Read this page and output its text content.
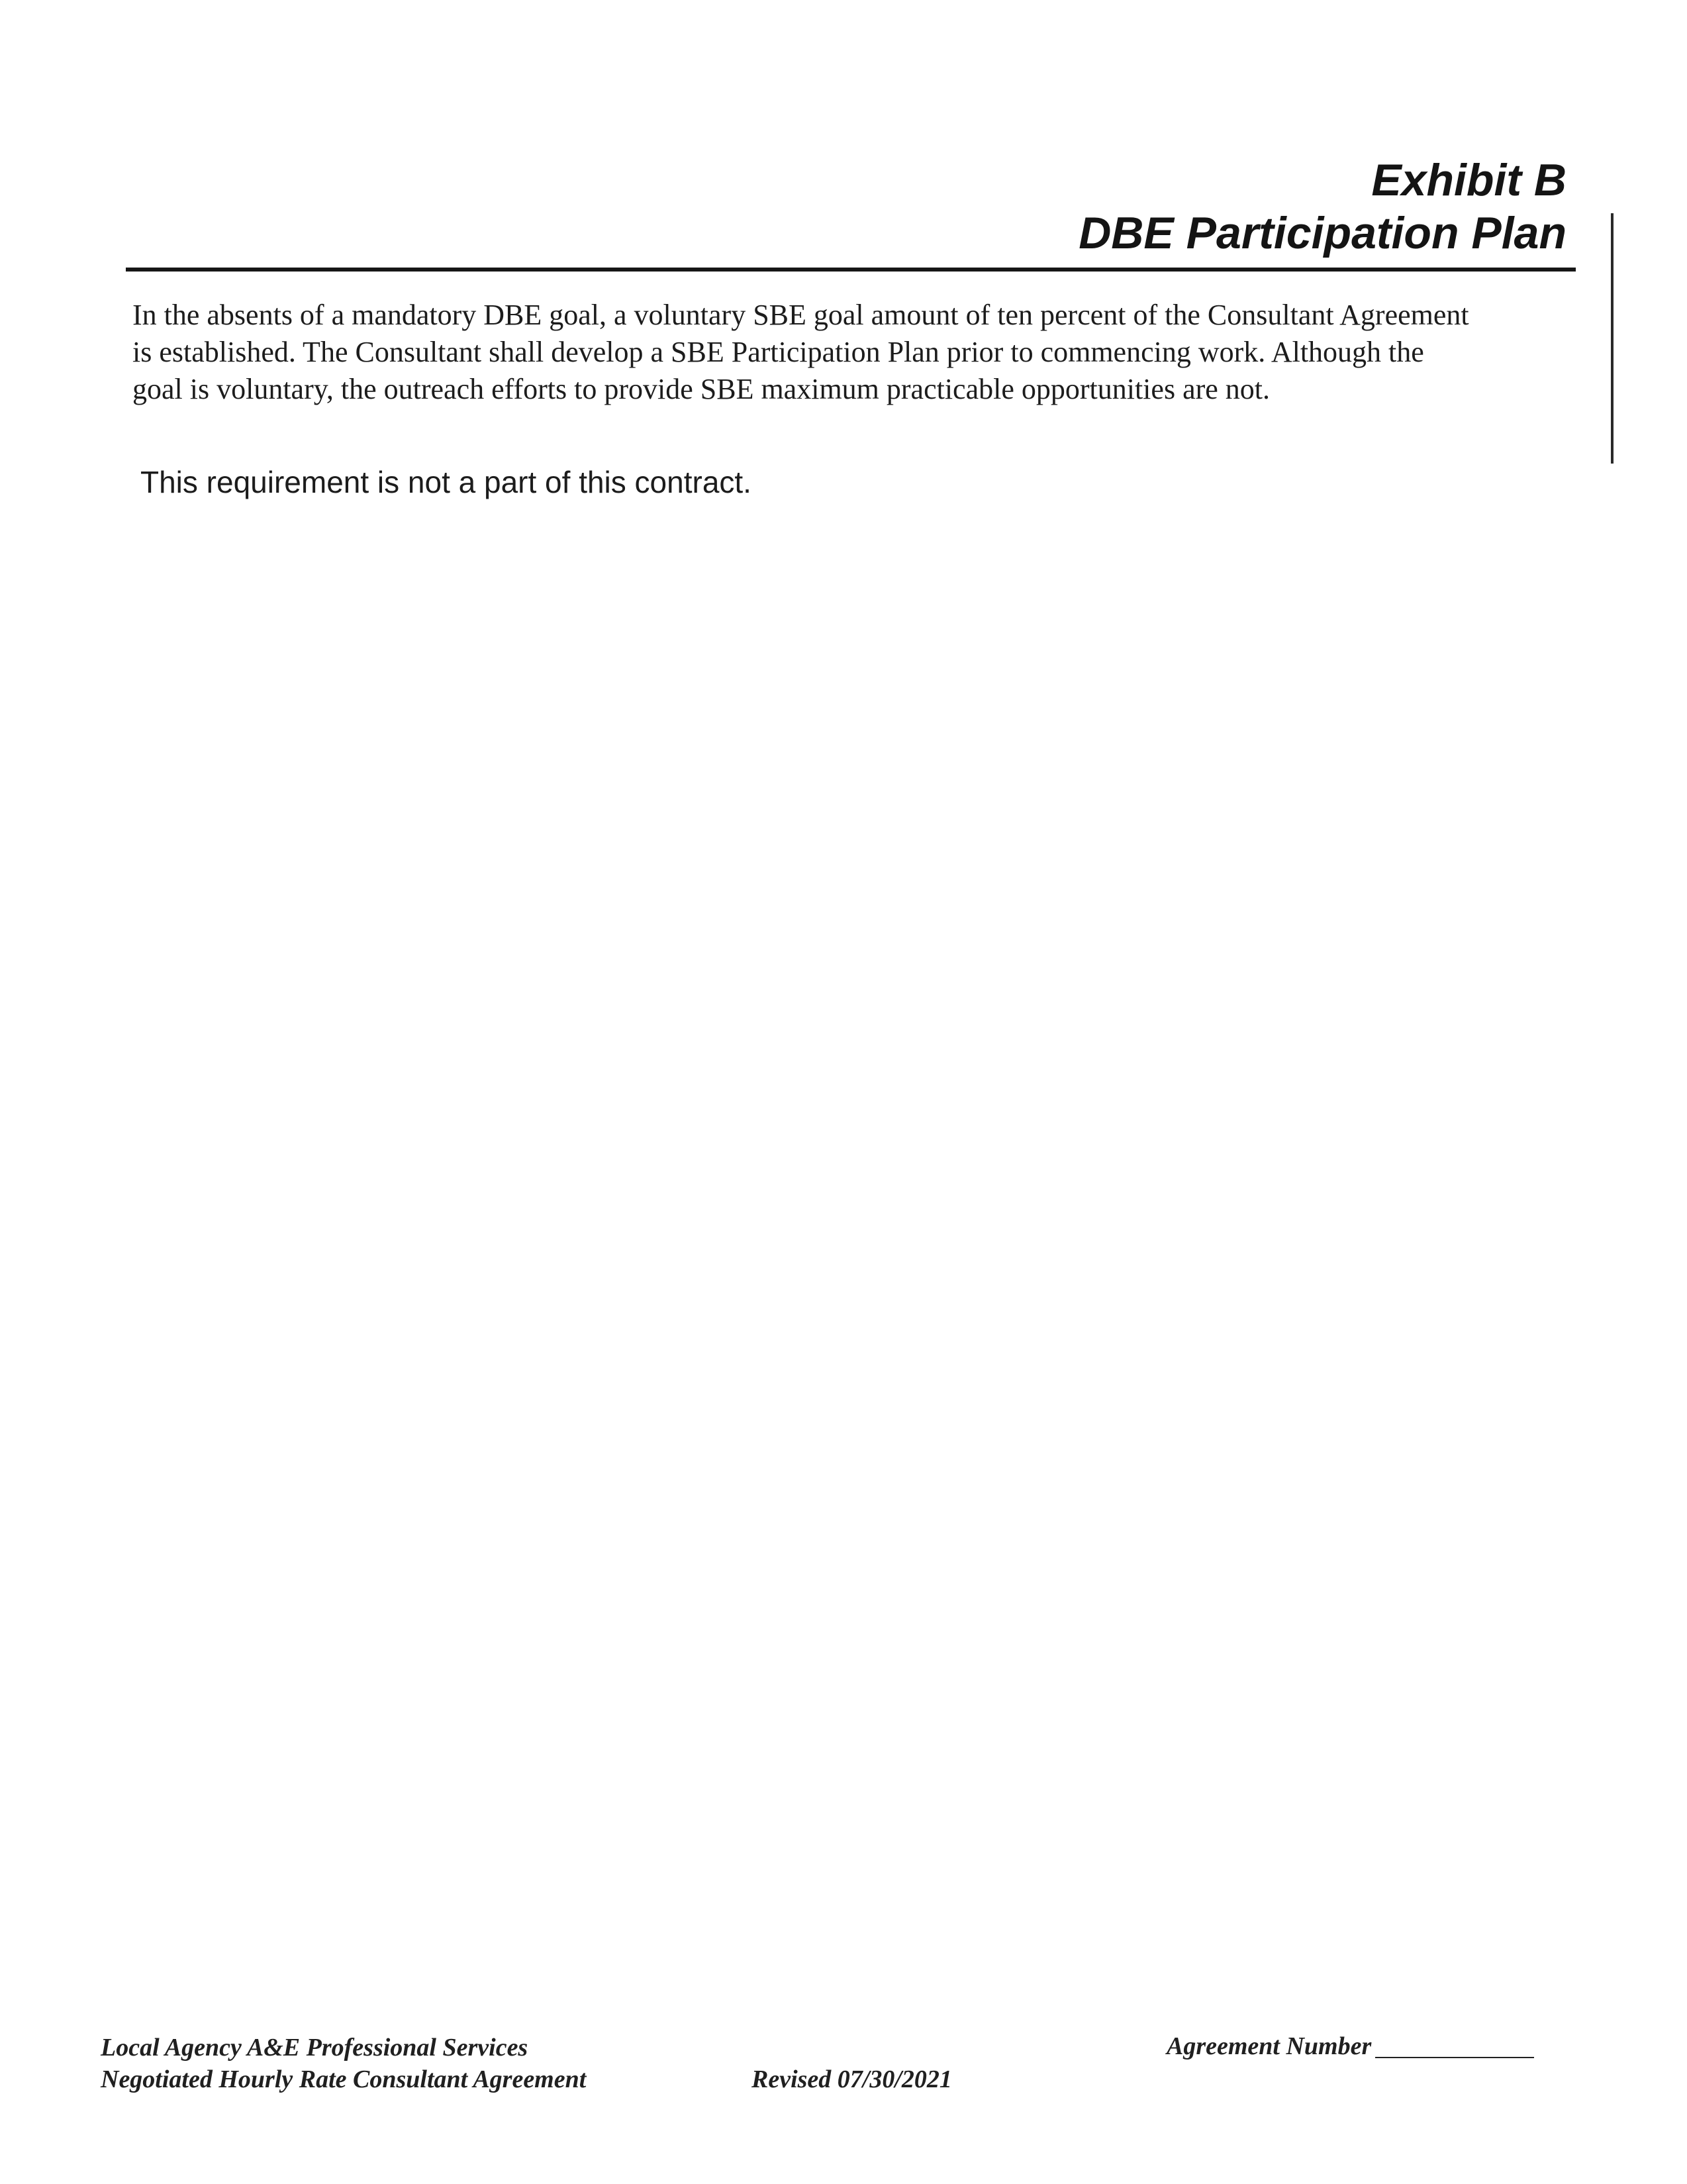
Exhibit B
DBE Participation Plan

In the absents of a mandatory DBE goal, a voluntary SBE goal amount of ten percent of the Consultant Agreement
is established. The Consultant shall develop a SBE Participation Plan prior to commencing work. Although the
goal is voluntary, the outreach efforts to provide SBE maximum practicable opportunities are not.

This requirement is not a part of this contract.
Local Agency A&E Professional Services
Negotiated Hourly Rate Consultant Agreement	Revised 07/30/2021
Agreement Number
